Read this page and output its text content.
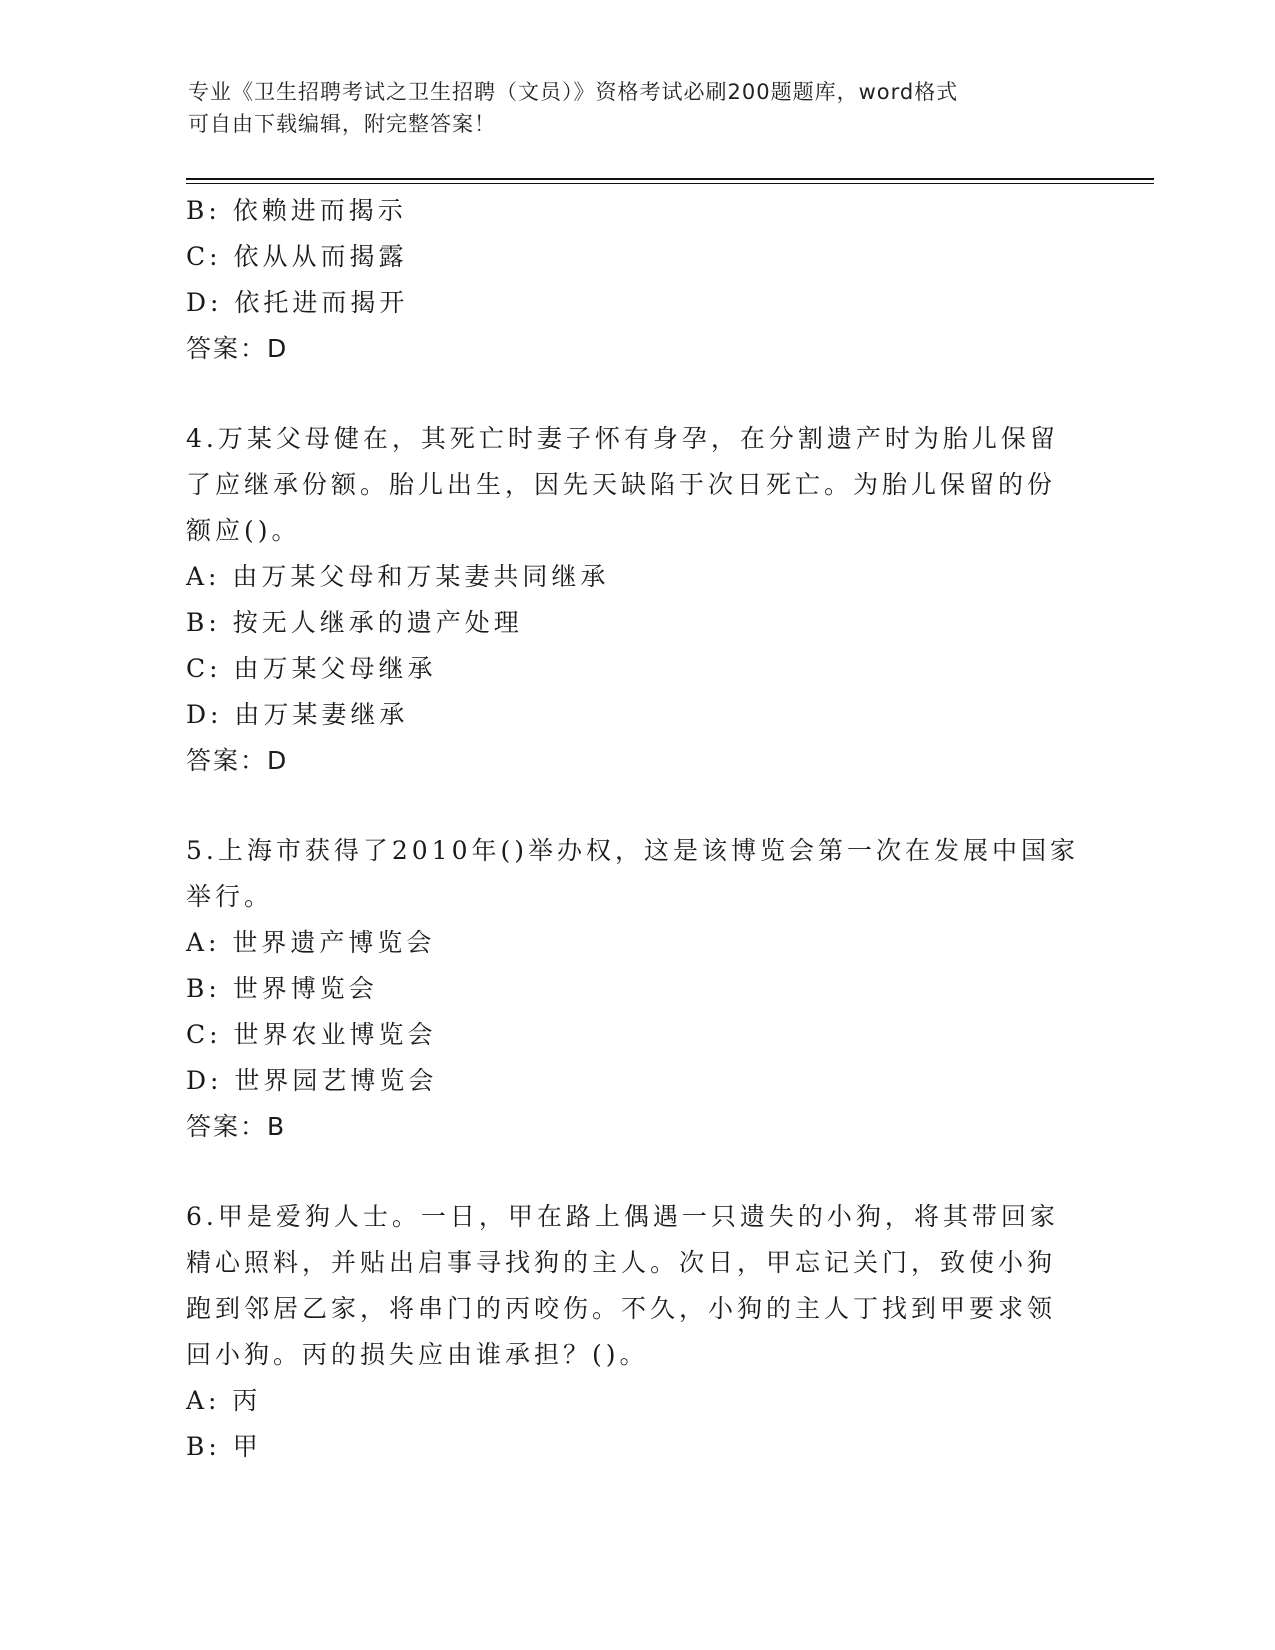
专业《卫生招聘考试之卫生招聘（文员）》资格考试必刷200题题库，word格式
可自由下载编辑，附完整答案！
B: 依赖进而揭示
C: 依从从而揭露
D: 依托进而揭开
答案：D
4.万某父母健在，其死亡时妻子怀有身孕，在分割遗产时为胎儿保留
了应继承份额。胎儿出生，因先天缺陷于次日死亡。为胎儿保留的份
额应()。
A: 由万某父母和万某妻共同继承
B: 按无人继承的遗产处理
C: 由万某父母继承
D: 由万某妻继承
答案：D
5.上海市获得了2010年()举办权，这是该博览会第一次在发展中国家
举行。
A: 世界遗产博览会
B: 世界博览会
C: 世界农业博览会
D: 世界园艺博览会
答案：B
6.甲是爱狗人士。一日，甲在路上偶遇一只遗失的小狗，将其带回家
精心照料，并贴出启事寻找狗的主人。次日，甲忘记关门，致使小狗
跑到邻居乙家，将串门的丙咬伤。不久，小狗的主人丁找到甲要求领
回小狗。丙的损失应由谁承担？()。
A: 丙
B: 甲
